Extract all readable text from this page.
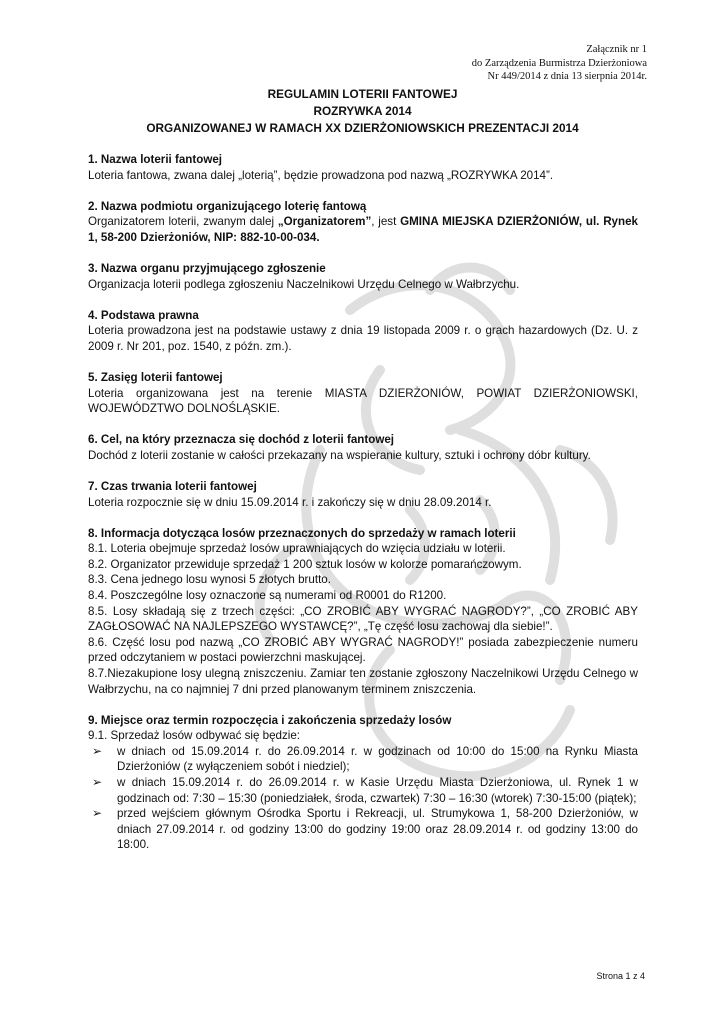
Załącznik nr 1
do Zarządzenia Burmistrza Dzierżoniowa
Nr 449/2014 z dnia 13 sierpnia 2014r.
REGULAMIN LOTERII FANTOWEJ
ROZRYWKA 2014
ORGANIZOWANEJ W RAMACH XX DZIERŻONIOWSKICH PREZENTACJI 2014

1. Nazwa loterii fantowej

Loteria fantowa, zwana dalej „loterią”, będzie prowadzona pod nazwą „ROZRYWKA 2014”.

2. Nazwa podmiotu organizującego loterię fantową

Organizatorem loterii, zwanym dalej „Organizatorem”, jest GMINA MIEJSKA DZIERŻONIÓW, ul. Rynek 1, 58-200 Dzierżoniów, NIP: 882-10-00-034.

3. Nazwa organu przyjmującego zgłoszenie

Organizacja loterii podlega zgłoszeniu Naczelnikowi Urzędu Celnego w Wałbrzychu.

4. Podstawa prawna

Loteria prowadzona jest na podstawie ustawy z dnia 19 listopada 2009 r. o grach hazardowych (Dz. U. z 2009 r. Nr 201, poz. 1540, z późn. zm.).

5. Zasięg loterii fantowej

Loteria organizowana jest na terenie MIASTA DZIERŻONIÓW, POWIAT DZIERŻONIOWSKI, WOJEWÓDZTWO DOLNOŚLĄSKIE.

6. Cel, na który przeznacza się dochód z loterii fantowej

Dochód z loterii zostanie w całości przekazany na wspieranie kultury, sztuki i ochrony dóbr kultury.

7. Czas trwania loterii fantowej

Loteria rozpocznie się w dniu 15.09.2014 r. i zakończy się w dniu 28.09.2014 r.

8. Informacja dotycząca losów przeznaczonych do sprzedaży w ramach loterii

8.1. Loteria obejmuje sprzedaż losów uprawniających do wzięcia udziału w loterii.

8.2. Organizator przewiduje sprzedaż 1 200 sztuk losów w kolorze pomarańczowym.

8.3. Cena jednego losu wynosi 5 złotych brutto.

8.4. Poszczególne losy oznaczone są numerami od R0001 do R1200.

8.5. Losy składają się z trzech części: „CO ZROBIĆ ABY WYGRAĆ NAGRODY?”, „CO ZROBIĆ ABY ZAGŁOSOWAĆ NA NAJLEPSZEGO WYSTAWCĘ?”, „Tę część losu zachowaj dla siebie!”.

8.6. Część losu pod nazwą „CO ZROBIĆ ABY WYGRAĆ NAGRODY!” posiada zabezpieczenie numeru przed odczytaniem w postaci powierzchni maskującej.

8.7.Niezakupione losy ulegną zniszczeniu. Zamiar ten zostanie zgłoszony Naczelnikowi Urzędu Celnego w Wałbrzychu, na co najmniej 7 dni przed planowanym terminem zniszczenia.

9. Miejsce oraz termin rozpoczęcia i zakończenia sprzedaży losów

9.1. Sprzedaż losów odbywać się będzie:

➢ w dniach od 15.09.2014 r. do 26.09.2014 r. w godzinach od 10:00 do 15:00 na Rynku Miasta Dzierżoniów (z wyłączeniem sobót i niedziel);
➢ w dniach 15.09.2014 r. do 26.09.2014 r. w Kasie Urzędu Miasta Dzierżoniowa, ul. Rynek 1 w godzinach od: 7:30 – 15:30 (poniedziałek, środa, czwartek) 7:30 – 16:30 (wtorek) 7:30-15:00 (piątek);
➢ przed wejściem głównym Ośrodka Sportu i Rekreacji, ul. Strumykowa 1, 58-200 Dzierżoniów, w dniach 27.09.2014 r. od godziny 13:00 do godziny 19:00 oraz 28.09.2014 r. od godziny 13:00 do 18:00.
Strona 1 z 4
